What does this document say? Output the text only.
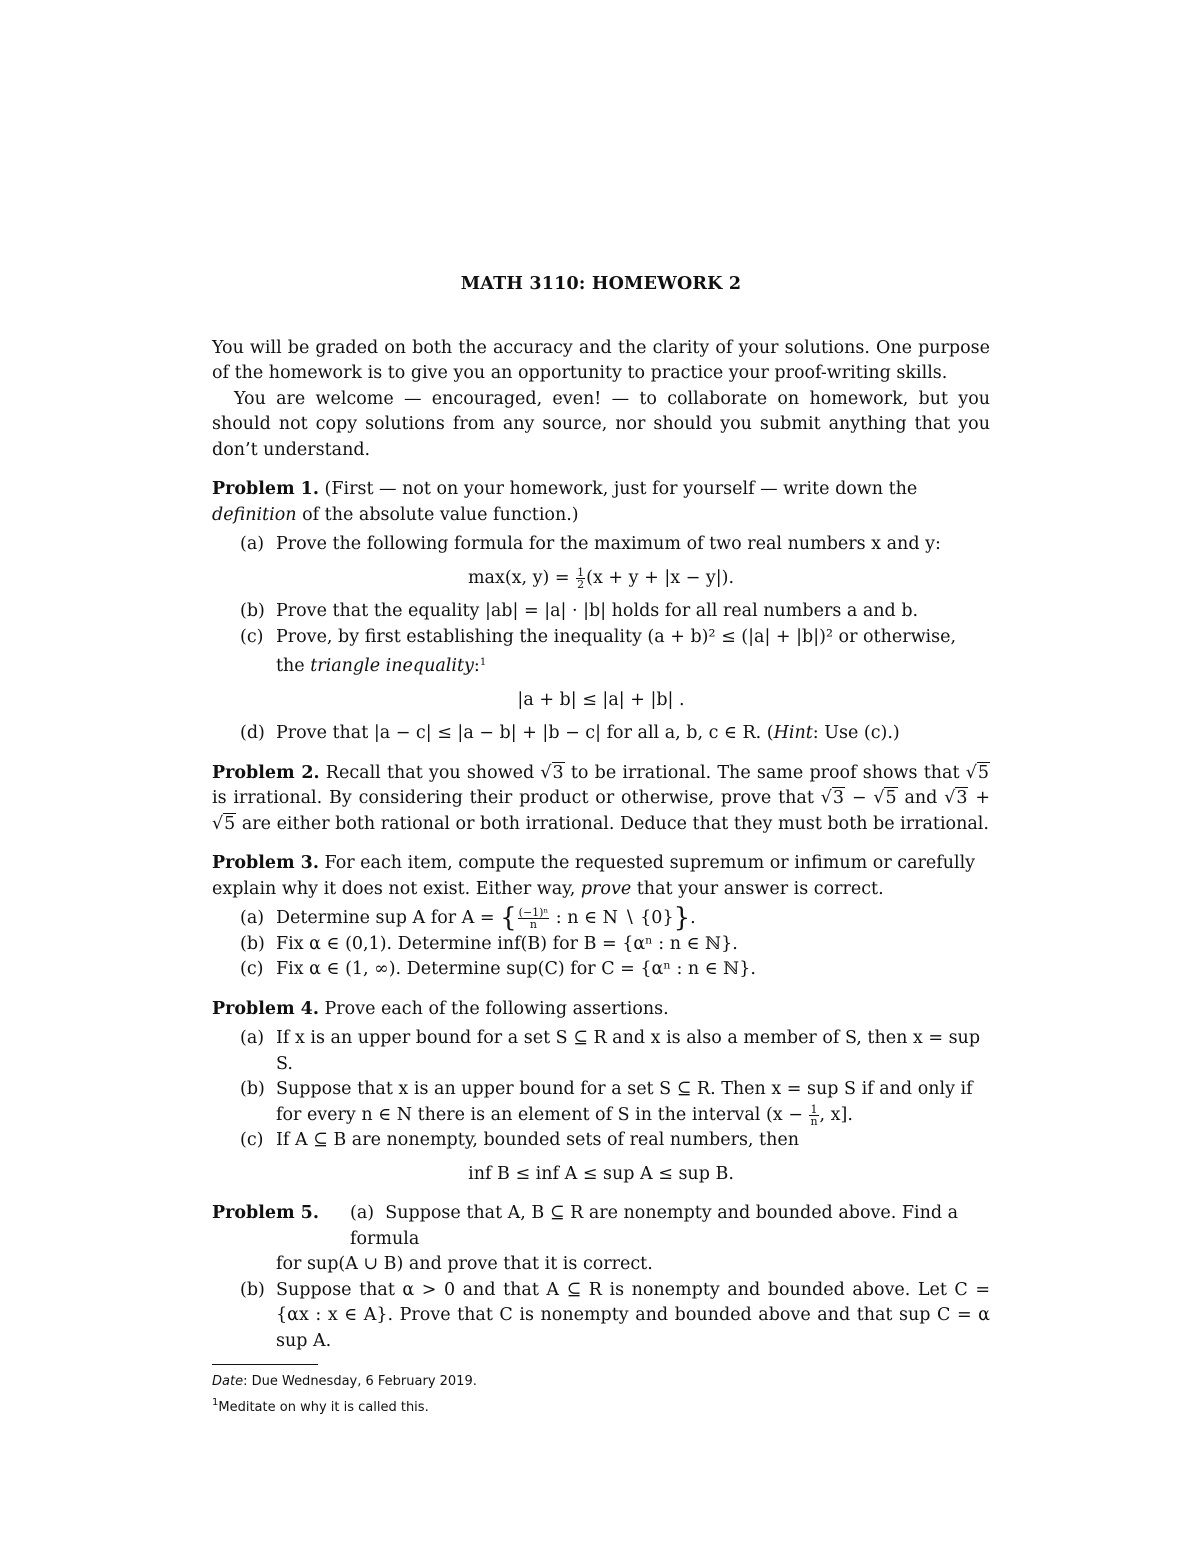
MATH 3110: HOMEWORK 2

You will be graded on both the accuracy and the clarity of your solutions. One purpose of the homework is to give you an opportunity to practice your proof-writing skills.

You are welcome — encouraged, even! — to collaborate on homework, but you should not copy solutions from any source, nor should you submit anything that you don’t understand.

Problem 1. (First — not on your homework, just for yourself — write down the definition of the absolute value function.)

(a) Prove the following formula for the maximum of two real numbers x and y:
max(x, $y) = \frac{1}{2} (x + y + |x - y|)$.
(b) Prove that the equality |ab| = |a| · |b| holds for all real numbers a and b.
(c) Prove, by first establishing the inequality (a + b)² ≤ (|a| + |b|)² or otherwise, the triangle inequality:$^1$
|a + b| ≤ |a| + |b| .
(d) Prove that |a − c| ≤ |a − b| + |b − c| for all a, b, c ∈ R. (Hint: Use (c).)

Problem 2. Recall that you showed √3 to be irrational. The same proof shows that √5 is irrational. By considering their product or otherwise, prove that √3 − √5 and √3 + √5 are either both rational or both irrational. Deduce that they must both be irrational.

Problem 3. For each item, compute the requested supremum or infimum or carefully explain why it does not exist. Either way, prove that your answer is correct.

(a) Determine sup A for A = { $\frac{\text{(−1)ⁿ}}{n}$ : n ∈ N ∖ {0}}.
(b) Fix α ∈ (0,1). Determine inf(B) for B = {αⁿ : n ∈ ℕ}.
(c) Fix α ∈ (1, ∞). Determine sup(C) for C = {αⁿ : n ∈ ℕ}.

Problem 4. Prove each of the following assertions.

(a) If x is an upper bound for a set S ⊆ R and x is also a member of S, then x = sup S.
(b) Suppose that x is an upper bound for a set S ⊆ R. Then x = sup S if and only if for every n ∈ N there is an element of S in the interval ($x - \frac{1}{n}$ , x].
(c) If A ⊆ B are nonempty, bounded sets of real numbers, then
inf B ≤ inf A ≤ sup A ≤ sup B.
Problem 5.	(a) Suppose that A, B ⊆ R are nonempty and bounded above. Find a formula
for sup(A ∪ B) and prove that it is correct.
(b) Suppose that α > 0 and that A ⊆ R is nonempty and bounded above. Let C = {αx : x ∈ A}. Prove that C is nonempty and bounded above and that sup C = α sup A.
Date: Due Wednesday, 6 February 2019.
$^1$Meditate on why it is called this.
